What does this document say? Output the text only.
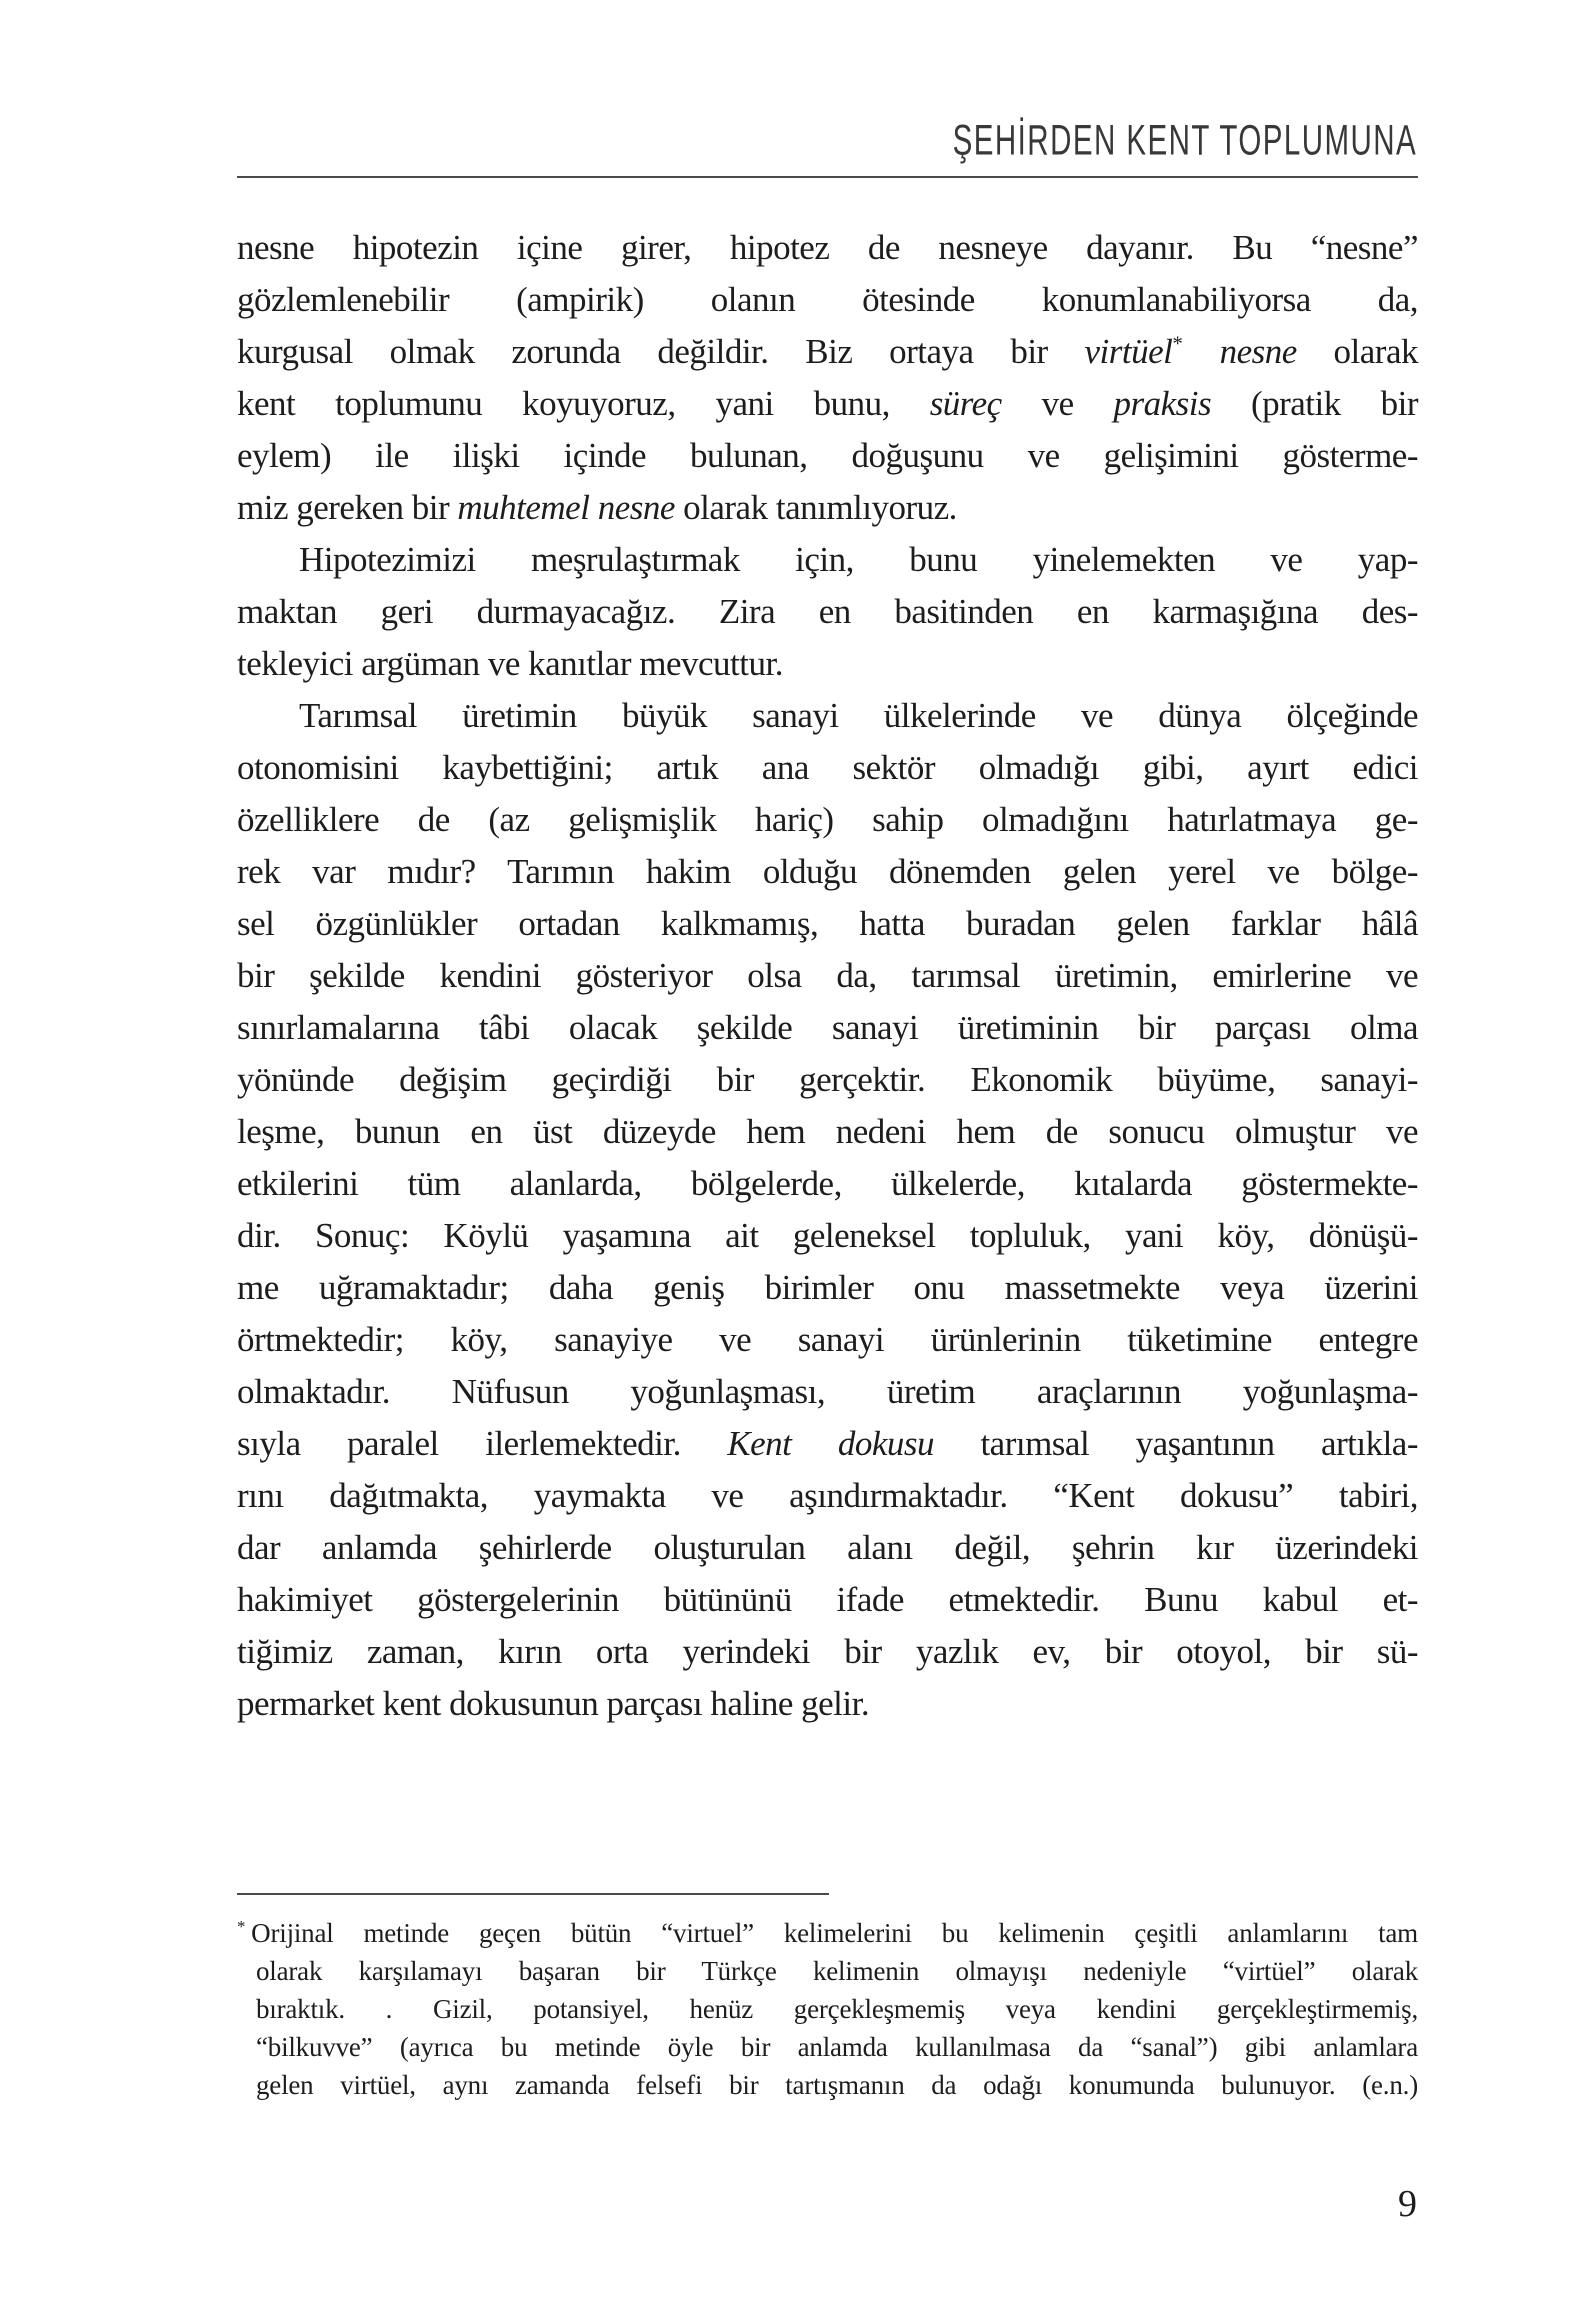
ŞEHİRDEN KENT TOPLUMUNA
nesne hipotezin içine girer, hipotez de nesneye dayanır. Bu “nesne”
gözlemlenebilir (ampirik) olanın ötesinde konumlanabiliyorsa da,
kurgusal olmak zorunda değildir. Biz ortaya bir virtüel* nesne olarak
kent toplumunu koyuyoruz, yani bunu, süreç ve praksis (pratik bir
eylem) ile ilişki içinde bulunan, doğuşunu ve gelişimini gösterme-
miz gereken bir muhtemel nesne olarak tanımlıyoruz.
Hipotezimizi meşrulaştırmak için, bunu yinelemekten ve yap-
maktan geri durmayacağız. Zira en basitinden en karmaşığına des-
tekleyici argüman ve kanıtlar mevcuttur.
Tarımsal üretimin büyük sanayi ülkelerinde ve dünya ölçeğinde
otonomisini kaybettiğini; artık ana sektör olmadığı gibi, ayırt edici
özelliklere de (az gelişmişlik hariç) sahip olmadığını hatırlatmaya ge-
rek var mıdır? Tarımın hakim olduğu dönemden gelen yerel ve bölge-
sel özgünlükler ortadan kalkmamış, hatta buradan gelen farklar hâlâ
bir şekilde kendini gösteriyor olsa da, tarımsal üretimin, emirlerine ve
sınırlamalarına tâbi olacak şekilde sanayi üretiminin bir parçası olma
yönünde değişim geçirdiği bir gerçektir. Ekonomik büyüme, sanayi-
leşme, bunun en üst düzeyde hem nedeni hem de sonucu olmuştur ve
etkilerini tüm alanlarda, bölgelerde, ülkelerde, kıtalarda göstermekte-
dir. Sonuç: Köylü yaşamına ait geleneksel topluluk, yani köy, dönüşü-
me uğramaktadır; daha geniş birimler onu massetmekte veya üzerini
örtmektedir; köy, sanayiye ve sanayi ürünlerinin tüketimine entegre
olmaktadır. Nüfusun yoğunlaşması, üretim araçlarının yoğunlaşma-
sıyla paralel ilerlemektedir. Kent dokusu tarımsal yaşantının artıkla-
rını dağıtmakta, yaymakta ve aşındırmaktadır. “Kent dokusu” tabiri,
dar anlamda şehirlerde oluşturulan alanı değil, şehrin kır üzerindeki
hakimiyet göstergelerinin bütününü ifade etmektedir. Bunu kabul et-
tiğimiz zaman, kırın orta yerindeki bir yazlık ev, bir otoyol, bir sü-
permarket kent dokusunun parçası haline gelir.
* Orijinal metinde geçen bütün “virtuel” kelimelerini bu kelimenin çeşitli anlamlarını tam
olarak karşılamayı başaran bir Türkçe kelimenin olmayışı nedeniyle “virtüel” olarak
bıraktık. . Gizil, potansiyel, henüz gerçekleşmemiş veya kendini gerçekleştirmemiş,
“bilkuvve” (ayrıca bu metinde öyle bir anlamda kullanılmasa da “sanal”) gibi anlamlara
gelen virtüel, aynı zamanda felsefi bir tartışmanın da odağı konumunda bulunuyor. (e.n.)
9
